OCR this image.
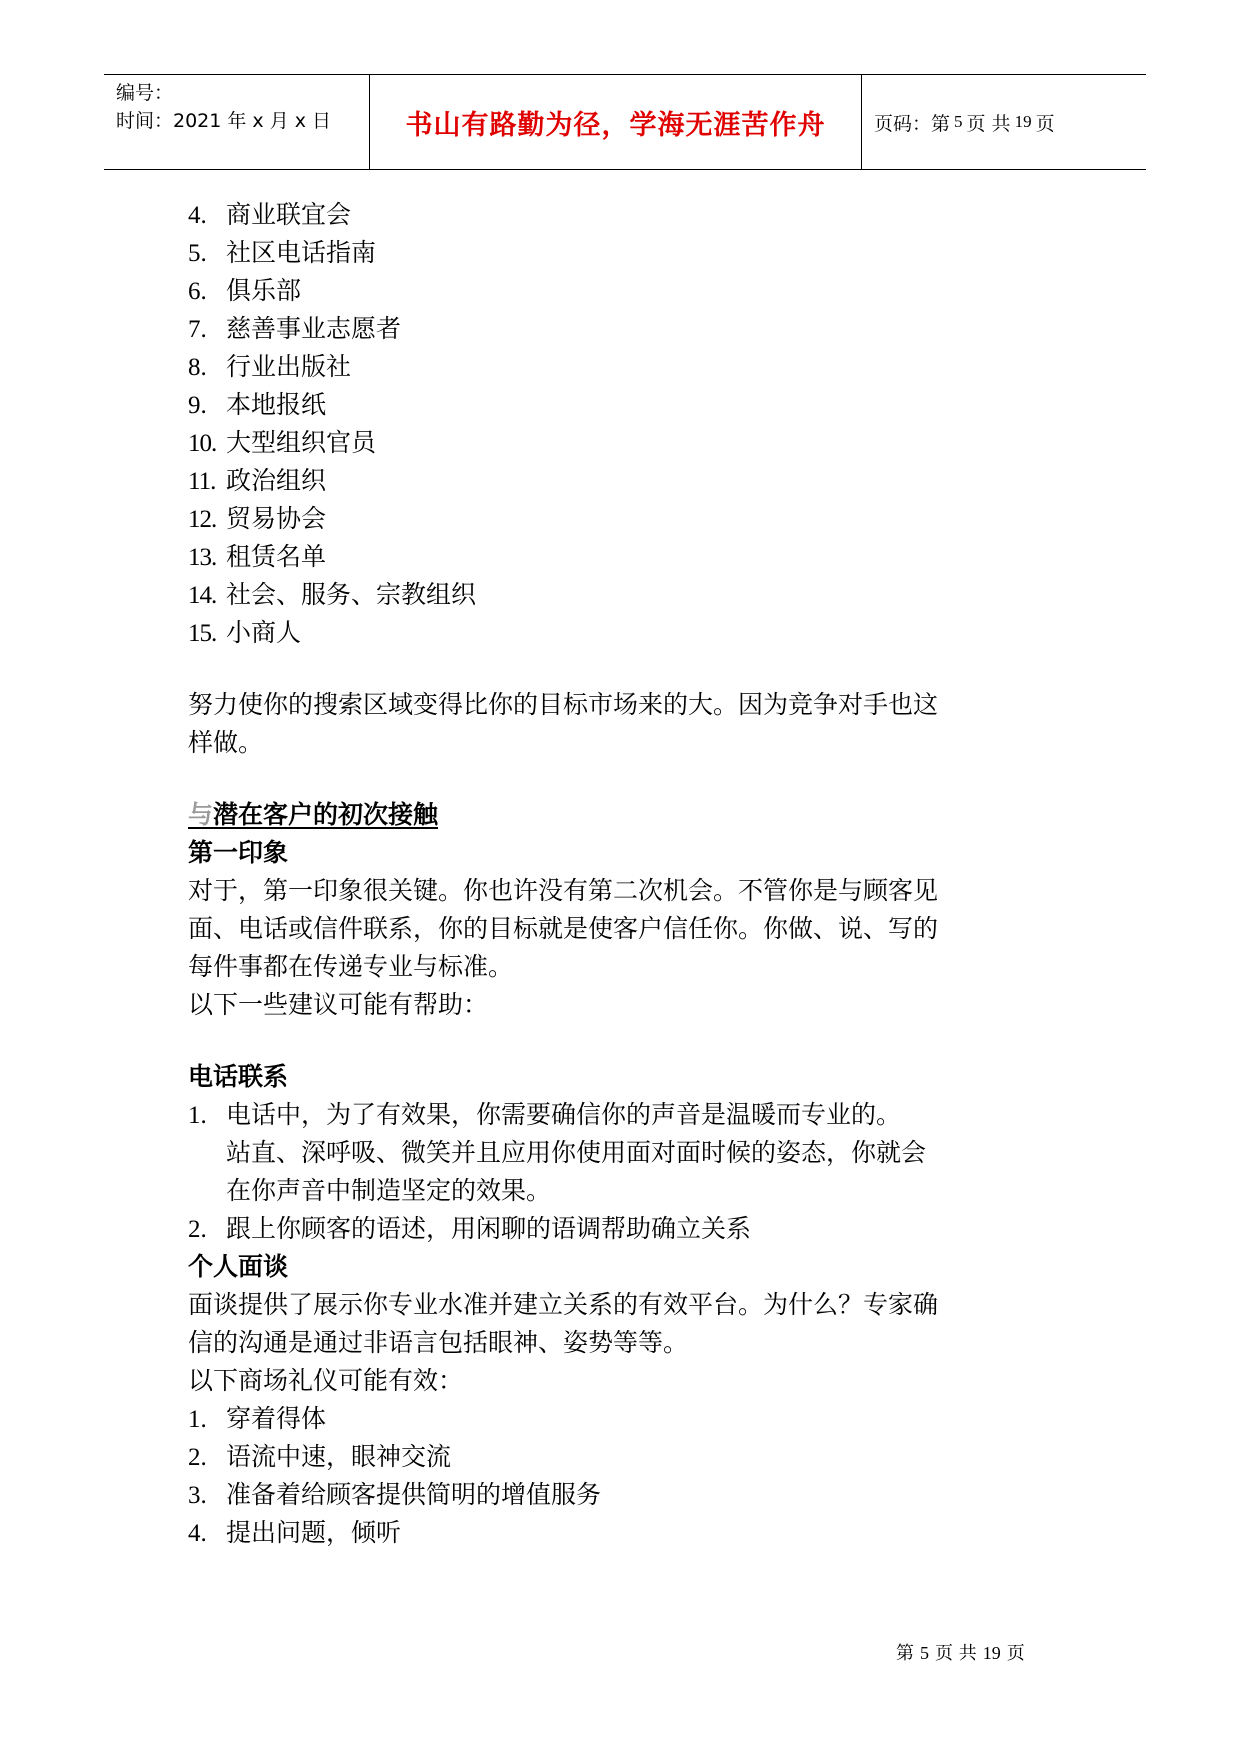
编号：
时间：2021 年 x 月 x 日	书山有路勤为径，学海无涯苦作舟	页码：第 5 页 共 19 页
4. 商业联宜会
5. 社区电话指南
6. 俱乐部
7. 慈善事业志愿者
8. 行业出版社
9. 本地报纸
10. 大型组织官员
11. 政治组织
12. 贸易协会
13. 租赁名单
14. 社会、服务、宗教组织
15. 小商人
努力使你的搜索区域变得比你的目标市场来的大。因为竞争对手也这
样做。
与潜在客户的初次接触
第一印象
对于，第一印象很关键。你也许没有第二次机会。不管你是与顾客见
面、电话或信件联系，你的目标就是使客户信任你。你做、说、写的
每件事都在传递专业与标准。
以下一些建议可能有帮助：
电话联系
1. 电话中，为了有效果，你需要确信你的声音是温暖而专业的。
站直、深呼吸、微笑并且应用你使用面对面时候的姿态，你就会
在你声音中制造坚定的效果。
2. 跟上你顾客的语述，用闲聊的语调帮助确立关系
个人面谈
面谈提供了展示你专业水准并建立关系的有效平台。为什么？专家确
信的沟通是通过非语言包括眼神、姿势等等。
以下商场礼仪可能有效：
1. 穿着得体
2. 语流中速，眼神交流
3. 准备着给顾客提供简明的增值服务
4. 提出问题，倾听
第 5 页 共 19 页
